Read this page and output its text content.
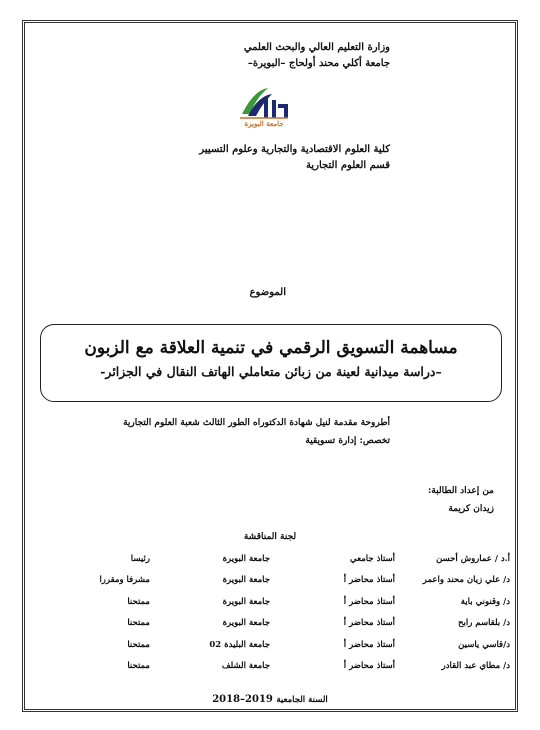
وزارة التعليم العالي والبحث العلمي
جامعة أكلي محند أولحاج –البويرة–
جامعة البويرة
كلية العلوم الاقتصادية والتجارية وعلوم التسيير
قسم العلوم التجارية
الموضوع
مساهمة التسويق الرقمي في تنمية العلاقة مع الزبون
–دراسة ميدانية لعينة من زبائن متعاملي الهاتف النقال في الجزائر-
أطروحة مقدمة لنيل شهادة الدكتوراه الطور الثالث شعبة العلوم التجارية
تخصص: إدارة تسويقية
من إعداد الطالبة:
زيدان كريمة
لجنة المناقشة
أ.د / عماروش أحسن
أستاذ جامعي
جامعة البويرة
رئيسا
د/ علي زيان محند واعمر
أستاذ محاضر أ
جامعة البويرة
مشرفا ومقررا
د/ وقنوني باية
أستاذ محاضر أ
جامعة البويرة
ممتحنا
د/ بلقاسم رابح
أستاذ محاضر أ
جامعة البويرة
ممتحنا
د/قاسي ياسين
أستاذ محاضر أ
جامعة البليدة 02
ممتحنا
د/ مطاي عبد القادر
أستاذ محاضر أ
جامعة الشلف
ممتحنا
السنة الجامعية 2018–2019
